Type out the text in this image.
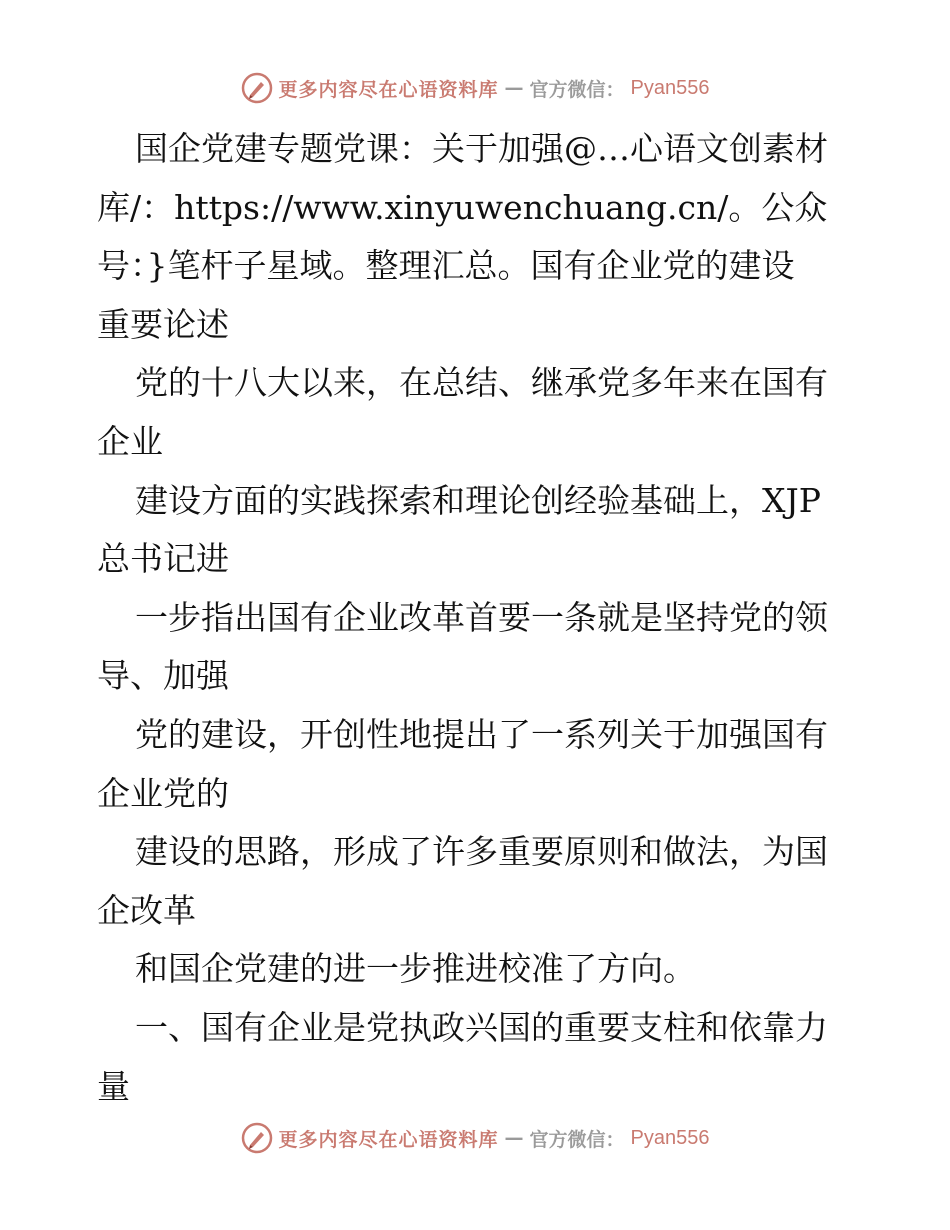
更多内容尽在心语资料库 — 官方微信： Pyan556
国企党建专题党课：关于加强@…心语文创素材
库/：https://www.xinyuwenchuang.cn/。公众
号：}笔杆子星域。整理汇总。国有企业党的建设
重要论述
党的十八大以来，在总结、继承党多年来在国有
企业
建设方面的实践探索和理论创经验基础上，XJP
总书记进
一步指出国有企业改革首要一条就是坚持党的领
导、加强
党的建设，开创性地提出了一系列关于加强国有
企业党的
建设的思路，形成了许多重要原则和做法，为国
企改革
和国企党建的进一步推进校准了方向。
一、国有企业是党执政兴国的重要支柱和依靠力
量
更多内容尽在心语资料库 — 官方微信： Pyan556
